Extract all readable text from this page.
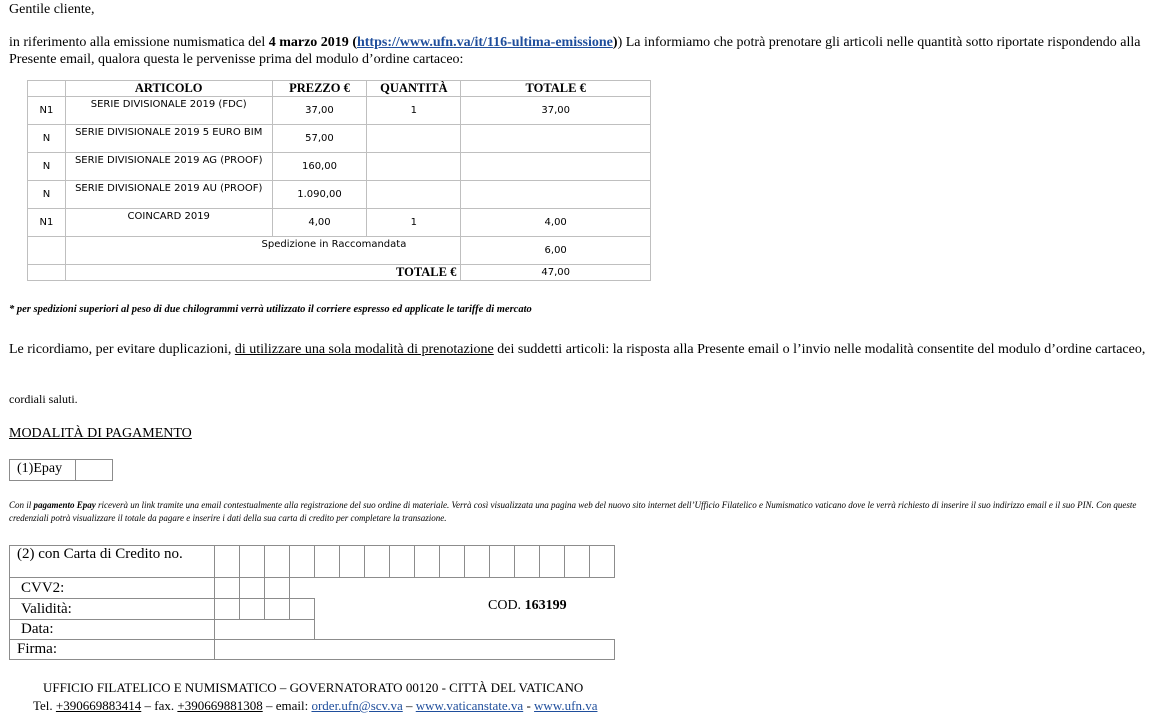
Gentile cliente,
in riferimento alla emissione numismatica del 4 marzo 2019 (https://www.ufn.va/it/116-ultima-emissione)) La informiamo che potrà prenotare gli articoli nelle quantità sotto riportate rispondendo alla Presente email, qualora questa le pervenisse prima del modulo d’ordine cartaceo:
	ARTICOLO	PREZZO €	QUANTITÀ	TOTALE €
N1	SERIE DIVISIONALE 2019 (FDC)	37,00	1	37,00
N	SERIE DIVISIONALE 2019 5 EURO BIM	57,00		
N	SERIE DIVISIONALE 2019 AG (PROOF)	160,00		
N	SERIE DIVISIONALE 2019 AU (PROOF)	1.090,00		
N1	COINCARD 2019	4,00	1	4,00
	Spedizione in Raccomandata			6,00
	TOTALE €			47,00
* per spedizioni superiori al peso di due chilogrammi verrà utilizzato il corriere espresso ed applicate le tariffe di mercato
Le ricordiamo, per evitare duplicazioni, di utilizzare una sola modalità di prenotazione dei suddetti articoli: la risposta alla Presente email o l’invio nelle modalità consentite del modulo d’ordine cartaceo,
cordiali saluti.
MODALITÀ DI PAGAMENTO
(1)Epay
Con il pagamento Epay riceverà un link tramite una email contestualmente alla registrazione del suo ordine di materiale. Verrà così visualizzata una pagina web del nuovo sito internet dell’Ufficio Filatelico e Numismatico vaticano dove le verrà richiesto di inserire il suo indirizzo email e il suo PIN. Con queste credenziali potrà visualizzare il totale da pagare e inserire i dati della sua carta di credito per completare la transazione.
(2) con Carta di Credito no.																
CVV2:																
Validità:																
Data:																
Firma:																
COD. 163199
UFFICIO FILATELICO E NUMISMATICO – GOVERNATORATO 00120 - CITTÀ DEL VATICANO
Tel. +390669883414 – fax. +390669881308 – email: order.ufn@scv.va – www.vaticanstate.va - www.ufn.va
